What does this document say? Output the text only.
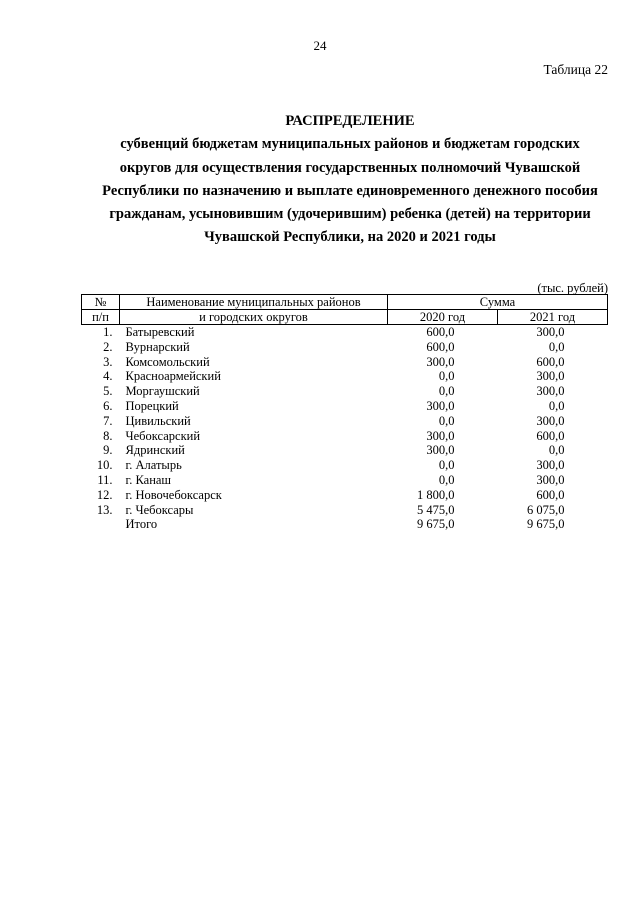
24
Таблица 22
РАСПРЕДЕЛЕНИЕ
субвенций бюджетам муниципальных районов и бюджетам городских
округов для осуществления государственных полномочий Чувашской
Республики по назначению и выплате единовременного денежного пособия
гражданам, усыновившим (удочерившим) ребенка (детей) на территории
Чувашской Республики, на 2020 и 2021 годы
(тыс. рублей)
№	Наименование муниципальных районов	Сумма	
п/п	и городских округов	2020 год	2021 год
1.	Батыревский	600,0	300,0
2.	Вурнарский	600,0	0,0
3.	Комсомольский	300,0	600,0
4.	Красноармейский	0,0	300,0
5.	Моргаушский	0,0	300,0
6.	Порецкий	300,0	0,0
7.	Цивильский	0,0	300,0
8.	Чебоксарский	300,0	600,0
9.	Ядринский	300,0	0,0
10.	г. Алатырь	0,0	300,0
11.	г. Канаш	0,0	300,0
12.	г. Новочебоксарск	1 800,0	600,0
13.	г. Чебоксары	5 475,0	6 075,0
	Итого	9 675,0	9 675,0
